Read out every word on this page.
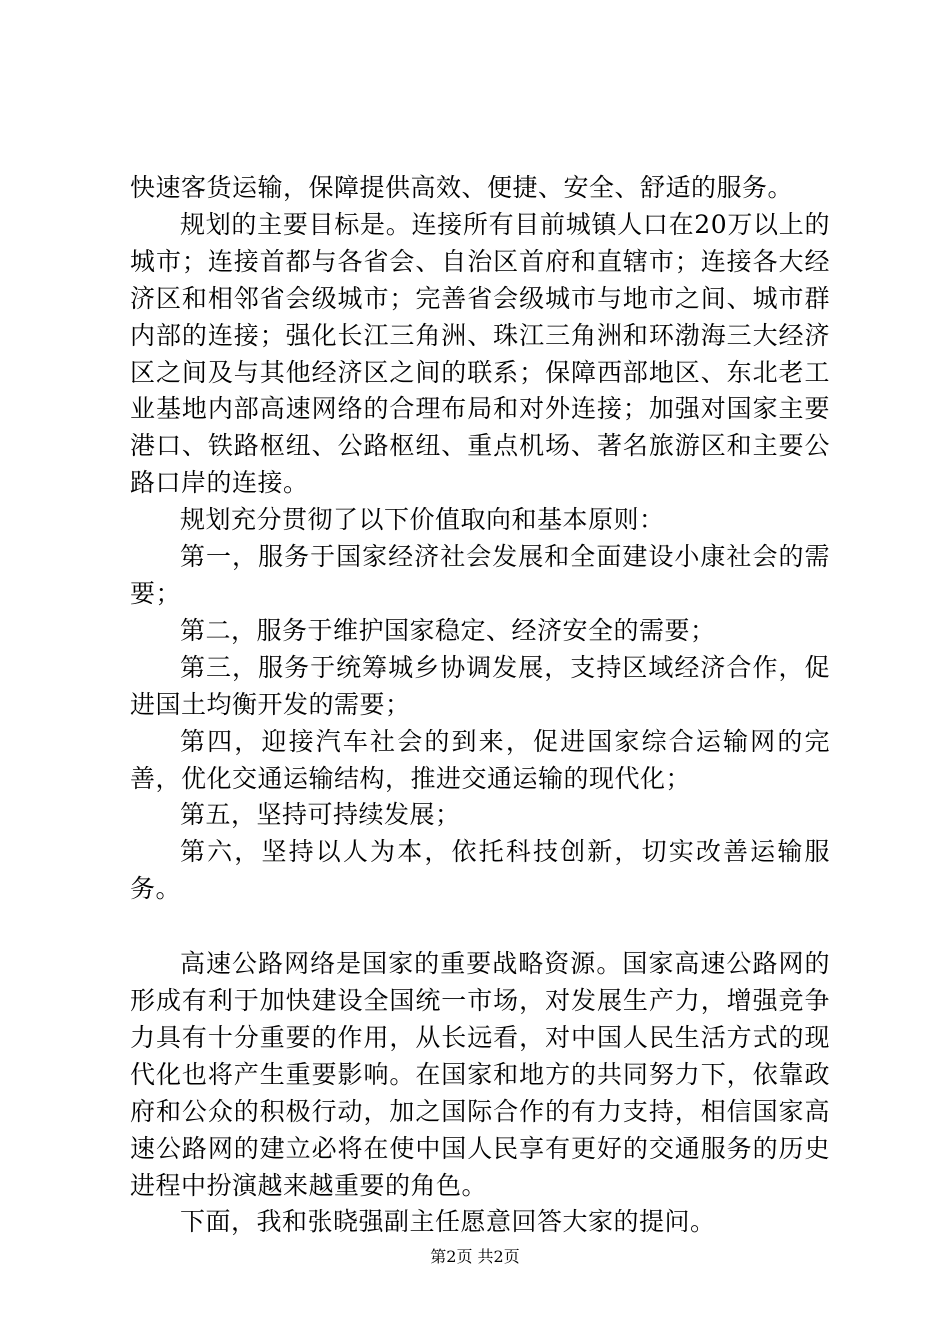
快速客货运输，保障提供高效、便捷、安全、舒适的服务。

规划的主要目标是。连接所有目前城镇人口在20万以上的城市；连接首都与各省会、自治区首府和直辖市；连接各大经济区和相邻省会级城市；完善省会级城市与地市之间、城市群内部的连接；强化长江三角洲、珠江三角洲和环渤海三大经济区之间及与其他经济区之间的联系；保障西部地区、东北老工业基地内部高速网络的合理布局和对外连接；加强对国家主要港口、铁路枢纽、公路枢纽、重点机场、著名旅游区和主要公路口岸的连接。

规划充分贯彻了以下价值取向和基本原则：

第一，服务于国家经济社会发展和全面建设小康社会的需要；

第二，服务于维护国家稳定、经济安全的需要；

第三，服务于统筹城乡协调发展，支持区域经济合作，促进国土均衡开发的需要；

第四，迎接汽车社会的到来，促进国家综合运输网的完善，优化交通运输结构，推进交通运输的现代化；

第五，坚持可持续发展；

第六，坚持以人为本，依托科技创新，切实改善运输服务。

高速公路网络是国家的重要战略资源。国家高速公路网的形成有利于加快建设全国统一市场，对发展生产力，增强竞争力具有十分重要的作用，从长远看，对中国人民生活方式的现代化也将产生重要影响。在国家和地方的共同努力下，依靠政府和公众的积极行动，加之国际合作的有力支持，相信国家高速公路网的建立必将在使中国人民享有更好的交通服务的历史进程中扮演越来越重要的角色。

下面，我和张晓强副主任愿意回答大家的提问。

第2页 共2页
